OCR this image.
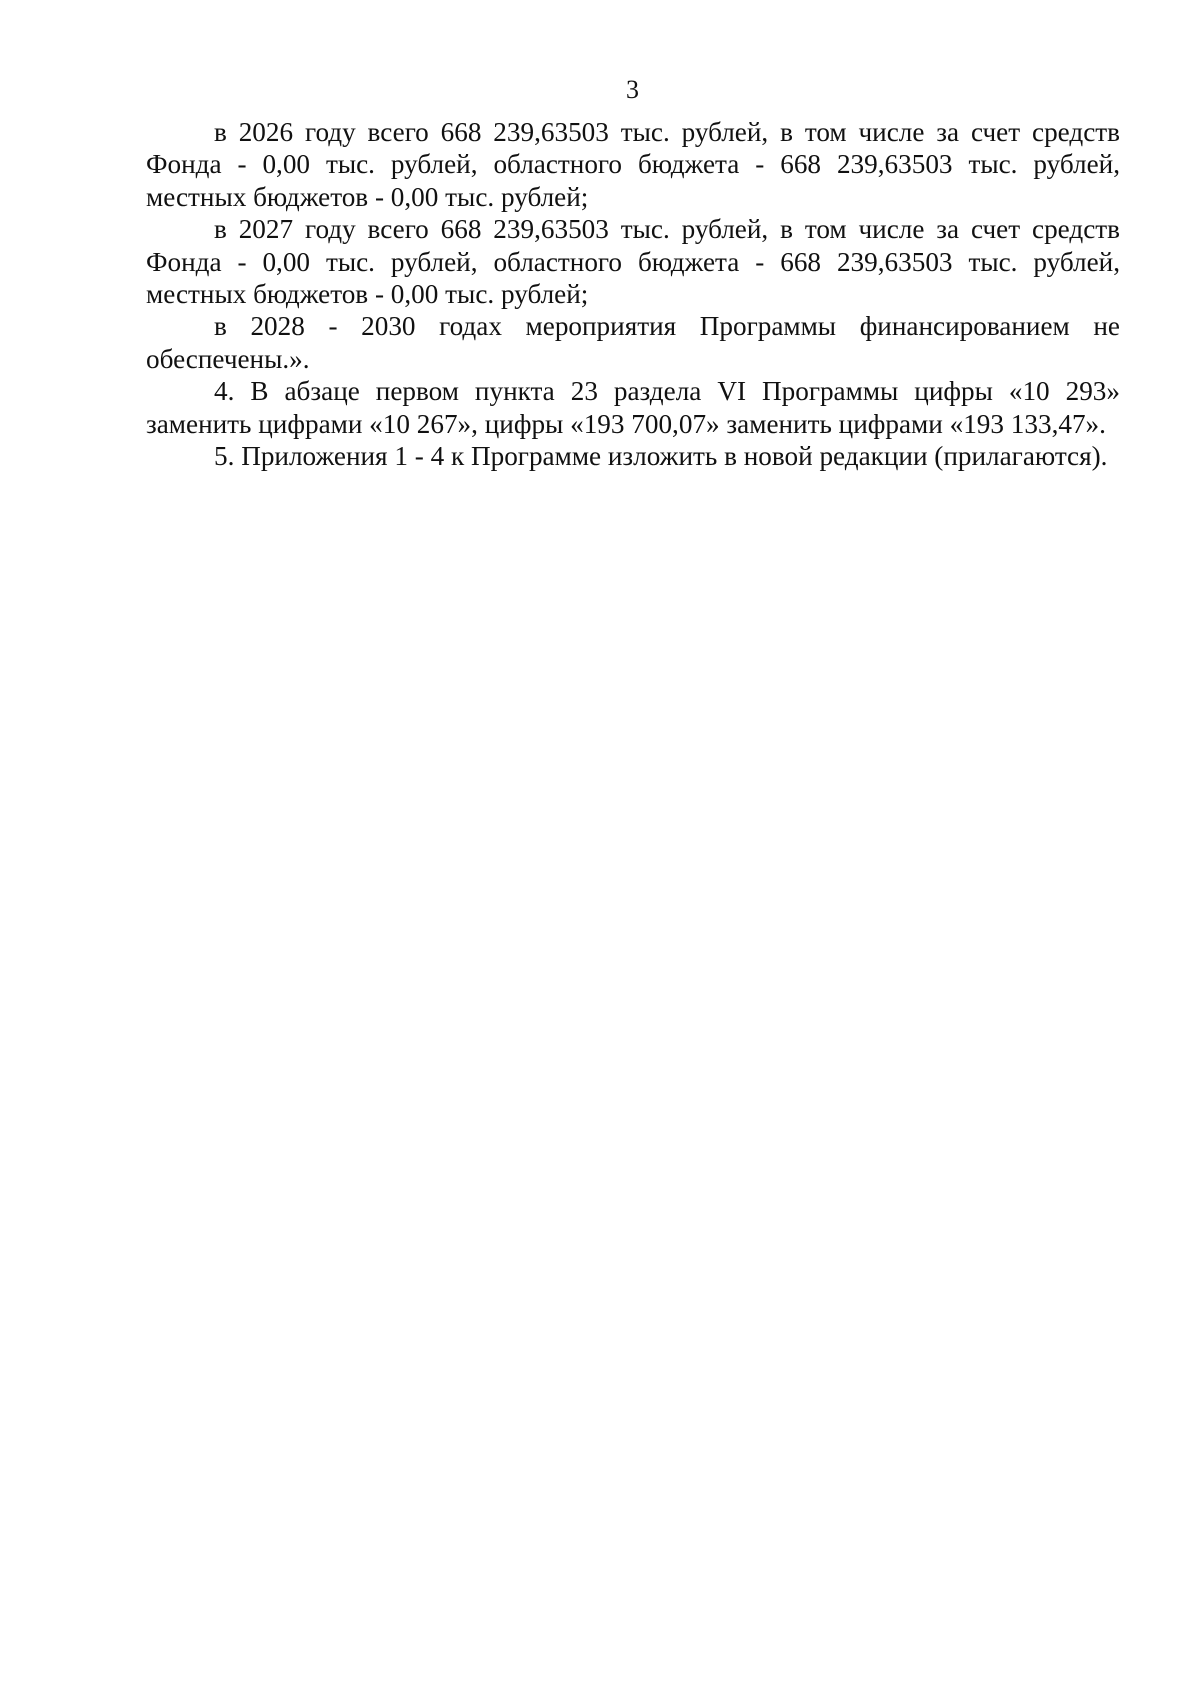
3

в 2026 году всего 668 239,63503 тыс. рублей, в том числе за счет средств Фонда - 0,00 тыс. рублей, областного бюджета - 668 239,63503 тыс. рублей, местных бюджетов - 0,00 тыс. рублей;

в 2027 году всего 668 239,63503 тыс. рублей, в том числе за счет средств Фонда - 0,00 тыс. рублей, областного бюджета - 668 239,63503 тыс. рублей, местных бюджетов - 0,00 тыс. рублей;

в 2028 - 2030 годах мероприятия Программы финансированием не обеспечены.».

4. В абзаце первом пункта 23 раздела VI Программы цифры «10 293» заменить цифрами «10 267», цифры «193 700,07» заменить цифрами «193 133,47».

5. Приложения 1 - 4 к Программе изложить в новой редакции (прилагаются).
